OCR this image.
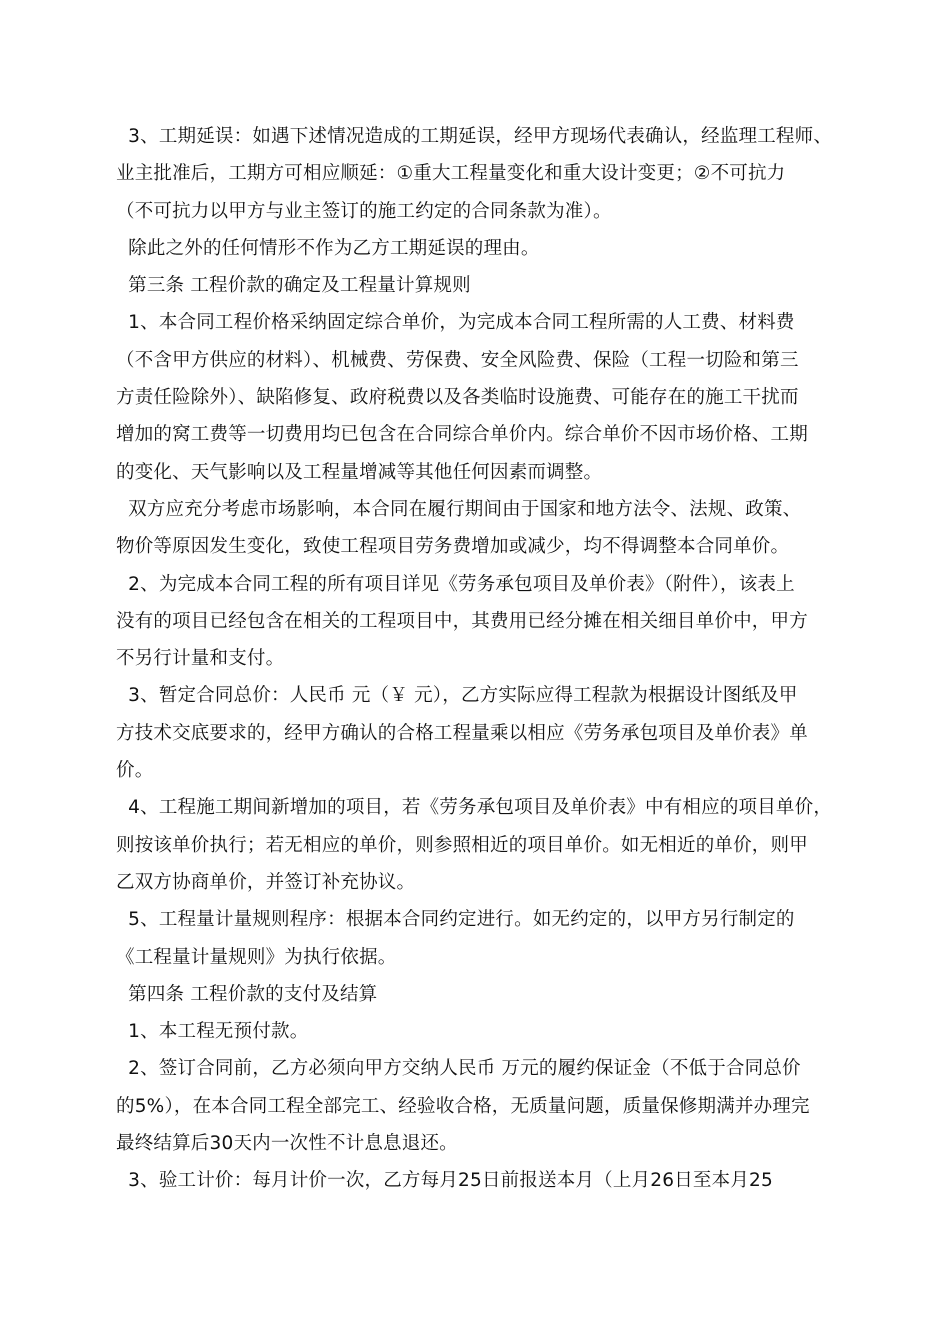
3、工期延误：如遇下述情况造成的工期延误，经甲方现场代表确认，经监理工程师、
业主批准后，工期方可相应顺延：①重大工程量变化和重大设计变更；②不可抗力
（不可抗力以甲方与业主签订的施工约定的合同条款为准）。
除此之外的任何情形不作为乙方工期延误的理由。
第三条 工程价款的确定及工程量计算规则
1、本合同工程价格采纳固定综合单价，为完成本合同工程所需的人工费、材料费
（不含甲方供应的材料）、机械费、劳保费、安全风险费、保险（工程一切险和第三
方责任险除外）、缺陷修复、政府税费以及各类临时设施费、可能存在的施工干扰而
增加的窝工费等一切费用均已包含在合同综合单价内。综合单价不因市场价格、工期
的变化、天气影响以及工程量增减等其他任何因素而调整。
双方应充分考虑市场影响，本合同在履行期间由于国家和地方法令、法规、政策、
物价等原因发生变化，致使工程项目劳务费增加或减少，均不得调整本合同单价。
2、为完成本合同工程的所有项目详见《劳务承包项目及单价表》（附件），该表上
没有的项目已经包含在相关的工程项目中，其费用已经分摊在相关细目单价中，甲方
不另行计量和支付。
3、暂定合同总价：人民币 元（￥ 元），乙方实际应得工程款为根据设计图纸及甲
方技术交底要求的，经甲方确认的合格工程量乘以相应《劳务承包项目及单价表》单
价。
4、工程施工期间新增加的项目，若《劳务承包项目及单价表》中有相应的项目单价，
则按该单价执行；若无相应的单价，则参照相近的项目单价。如无相近的单价，则甲
乙双方协商单价，并签订补充协议。
5、工程量计量规则程序：根据本合同约定进行。如无约定的，以甲方另行制定的
《工程量计量规则》为执行依据。
第四条 工程价款的支付及结算
1、本工程无预付款。
2、签订合同前，乙方必须向甲方交纳人民币 万元的履约保证金（不低于合同总价
的5%），在本合同工程全部完工、经验收合格，无质量问题，质量保修期满并办理完
最终结算后30天内一次性不计息息退还。
3、验工计价：每月计价一次，乙方每月25日前报送本月（上月26日至本月25
